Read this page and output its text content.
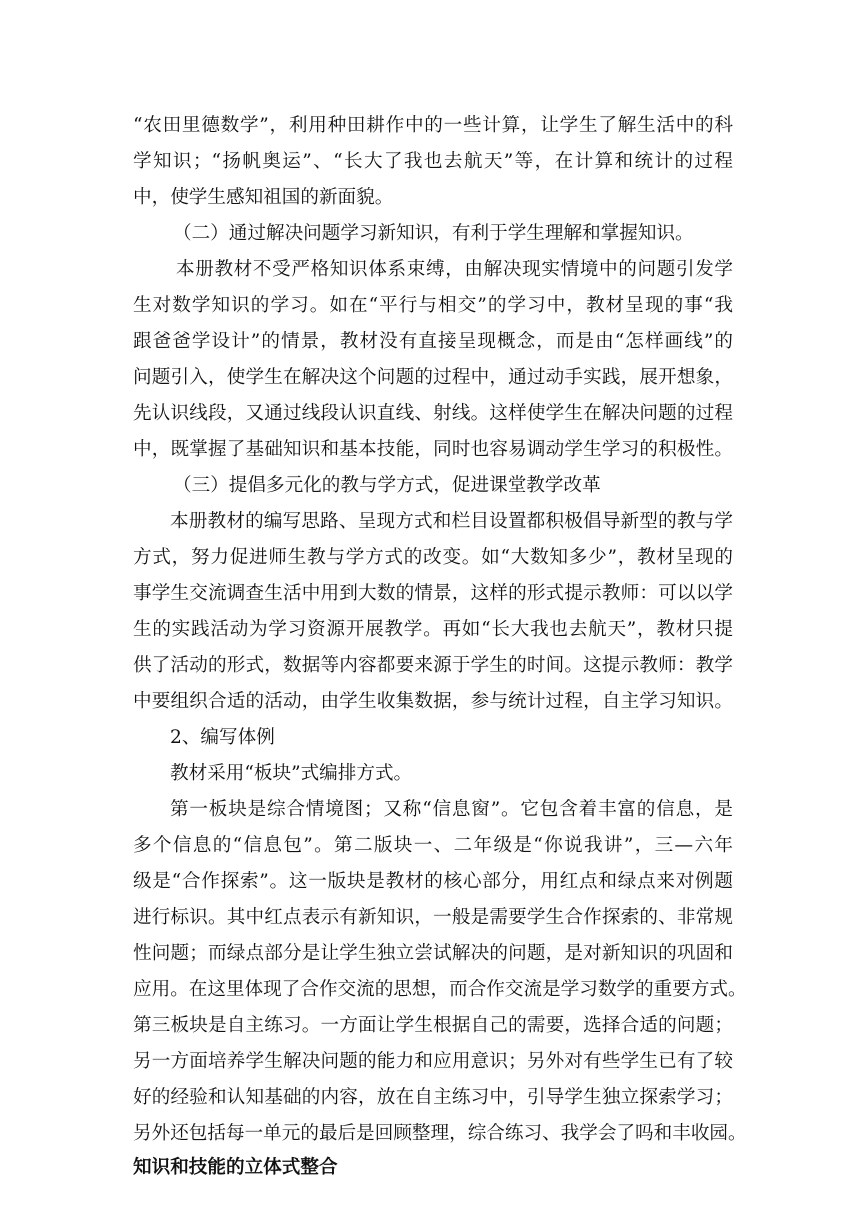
“农田里德数学”，利用种田耕作中的一些计算，让学生了解生活中的科
学知识；“扬帆奥运”、“长大了我也去航天”等，在计算和统计的过程
中，使学生感知祖国的新面貌。
（二）通过解决问题学习新知识，有利于学生理解和掌握知识。
本册教材不受严格知识体系束缚，由解决现实情境中的问题引发学
生对数学知识的学习。如在“平行与相交”的学习中，教材呈现的事“我
跟爸爸学设计”的情景，教材没有直接呈现概念，而是由“怎样画线”的
问题引入，使学生在解决这个问题的过程中，通过动手实践，展开想象，
先认识线段，又通过线段认识直线、射线。这样使学生在解决问题的过程
中，既掌握了基础知识和基本技能，同时也容易调动学生学习的积极性。
（三）提倡多元化的教与学方式，促进课堂教学改革
本册教材的编写思路、呈现方式和栏目设置都积极倡导新型的教与学
方式，努力促进师生教与学方式的改变。如“大数知多少”，教材呈现的
事学生交流调查生活中用到大数的情景，这样的形式提示教师：可以以学
生的实践活动为学习资源开展教学。再如“长大我也去航天”，教材只提
供了活动的形式，数据等内容都要来源于学生的时间。这提示教师：教学
中要组织合适的活动，由学生收集数据，参与统计过程，自主学习知识。
2、编写体例
教材采用“板块”式编排方式。
第一板块是综合情境图；又称“信息窗”。它包含着丰富的信息，是
多个信息的“信息包”。第二版块一、二年级是“你说我讲”，三—六年
级是“合作探索”。这一版块是教材的核心部分，用红点和绿点来对例题
进行标识。其中红点表示有新知识，一般是需要学生合作探索的、非常规
性问题；而绿点部分是让学生独立尝试解决的问题，是对新知识的巩固和
应用。在这里体现了合作交流的思想，而合作交流是学习数学的重要方式。
第三板块是自主练习。一方面让学生根据自己的需要，选择合适的问题；
另一方面培养学生解决问题的能力和应用意识；另外对有些学生已有了较
好的经验和认知基础的内容，放在自主练习中，引导学生独立探索学习；
另外还包括每一单元的最后是回顾整理，综合练习、我学会了吗和丰收园。
知识和技能的立体式整合
